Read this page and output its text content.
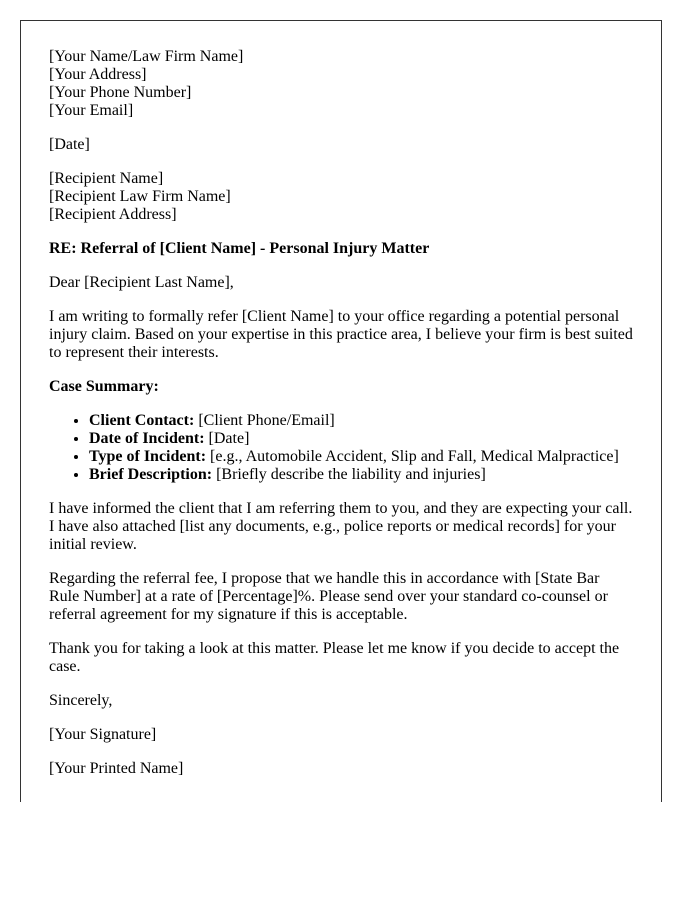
[Your Name/Law Firm Name]
[Your Address]
[Your Phone Number]
[Your Email]
[Date]
[Recipient Name]
[Recipient Law Firm Name]
[Recipient Address]
RE: Referral of [Client Name] - Personal Injury Matter
Dear [Recipient Last Name],
I am writing to formally refer [Client Name] to your office regarding a potential personal injury claim. Based on your expertise in this practice area, I believe your firm is best suited to represent their interests.
Case Summary:
• Client Contact: [Client Phone/Email]
• Date of Incident: [Date]
• Type of Incident: [e.g., Automobile Accident, Slip and Fall, Medical Malpractice]
• Brief Description: [Briefly describe the liability and injuries]
I have informed the client that I am referring them to you, and they are expecting your call. I have also attached [list any documents, e.g., police reports or medical records] for your initial review.
Regarding the referral fee, I propose that we handle this in accordance with [State Bar Rule Number] at a rate of [Percentage]%. Please send over your standard co-counsel or referral agreement for my signature if this is acceptable.
Thank you for taking a look at this matter. Please let me know if you decide to accept the case.
Sincerely,
[Your Signature]
[Your Printed Name]
